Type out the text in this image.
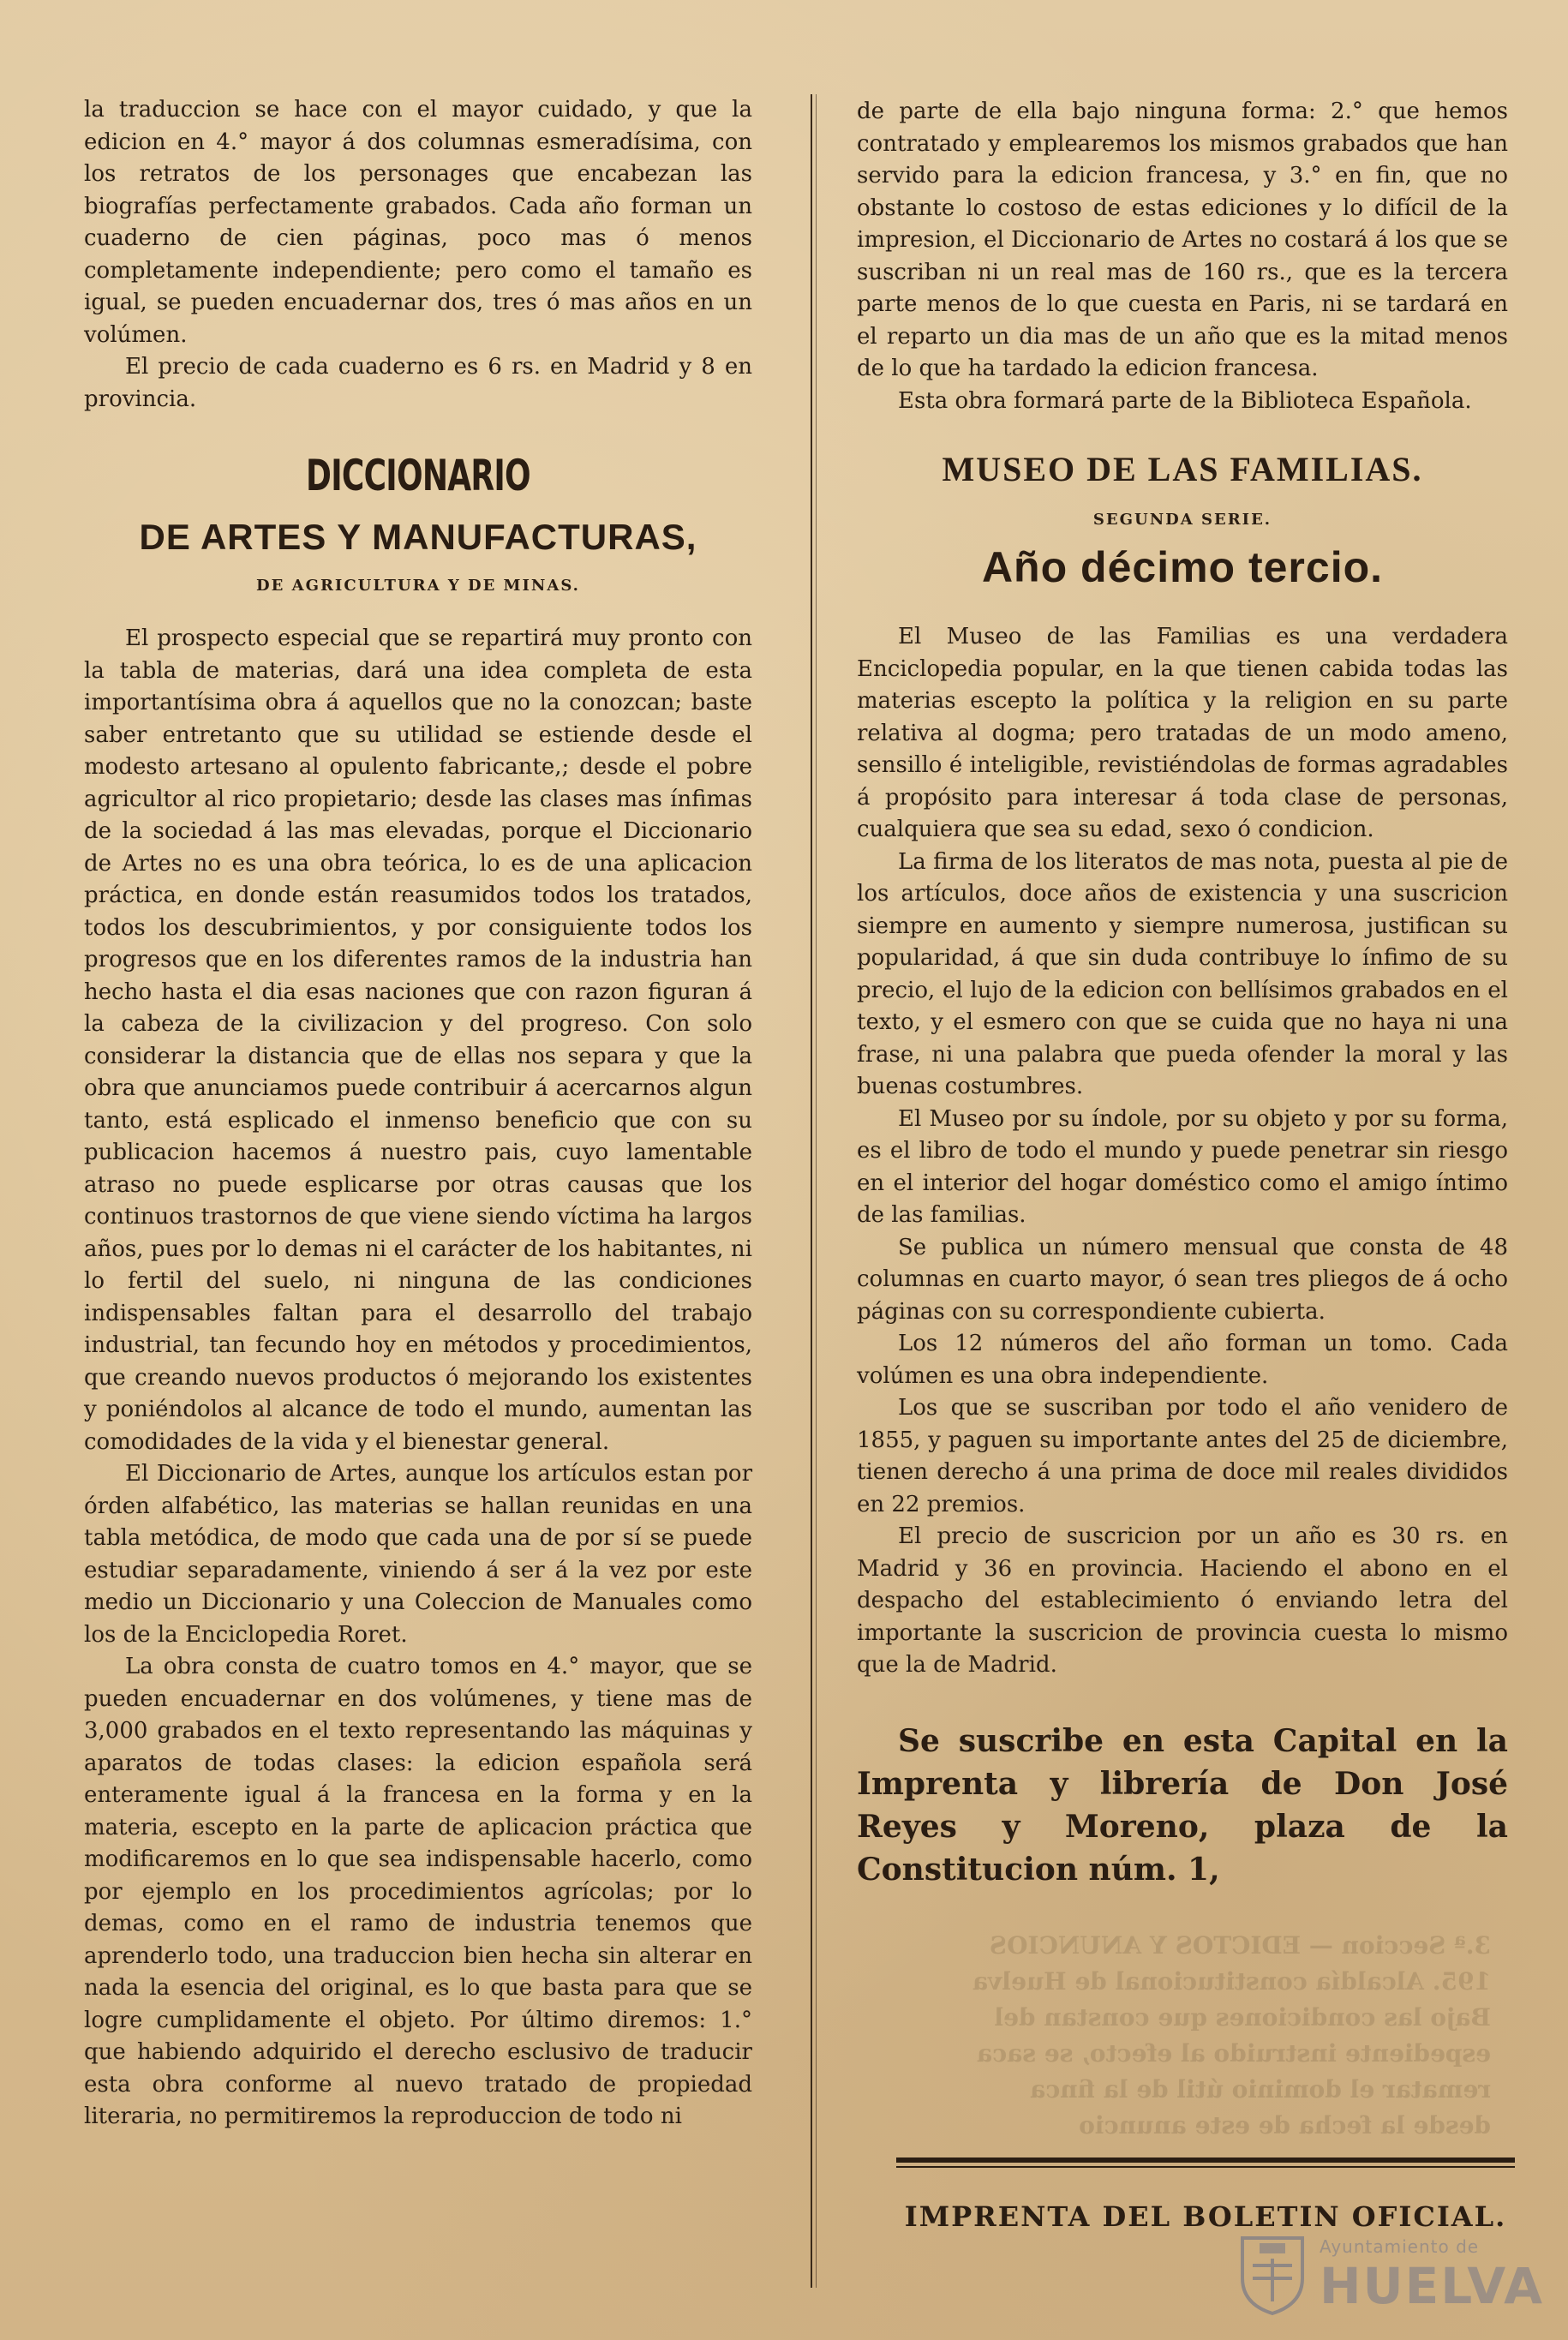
la traduccion se hace con el mayor cuidado, y que la edicion en 4.° mayor á dos columnas esmeradísima, con los retratos de los personages que encabezan las biografías perfectamente grabados. Cada año forman un cuaderno de cien páginas, poco mas ó menos completamente independiente; pero como el tamaño es igual, se pueden encuadernar dos, tres ó mas años en un volúmen.

El precio de cada cuaderno es 6 rs. en Madrid y 8 en provincia.

DICCIONARIO
DE ARTES Y MANUFACTURAS,
DE AGRICULTURA Y DE MINAS.

El prospecto especial que se repartirá muy pronto con la tabla de materias, dará una idea completa de esta importantísima obra á aquellos que no la conozcan; baste saber entretanto que su utilidad se estiende desde el modesto artesano al opulento fabricante,; desde el pobre agricultor al rico propietario; desde las clases mas ínfimas de la sociedad á las mas elevadas, porque el Diccionario de Artes no es una obra teórica, lo es de una aplicacion práctica, en donde están reasumidos todos los tratados, todos los descubrimientos, y por consiguiente todos los progresos que en los diferentes ramos de la industria han hecho hasta el dia esas naciones que con razon figuran á la cabeza de la civilizacion y del progreso. Con solo considerar la distancia que de ellas nos separa y que la obra que anunciamos puede contribuir á acercarnos algun tanto, está esplicado el inmenso beneficio que con su publicacion hacemos á nuestro pais, cuyo lamentable atraso no puede esplicarse por otras causas que los continuos trastornos de que viene siendo víctima ha largos años, pues por lo demas ni el carácter de los habitantes, ni lo fertil del suelo, ni ninguna de las condiciones indispensables faltan para el desarrollo del trabajo industrial, tan fecundo hoy en métodos y procedimientos, que creando nuevos productos ó mejorando los existentes y poniéndolos al alcance de todo el mundo, aumentan las comodidades de la vida y el bienestar general.

El Diccionario de Artes, aunque los artículos estan por órden alfabético, las materias se hallan reunidas en una tabla metódica, de modo que cada una de por sí se puede estudiar separadamente, viniendo á ser á la vez por este medio un Diccionario y una Coleccion de Manuales como los de la Enciclopedia Roret.

La obra consta de cuatro tomos en 4.° mayor, que se pueden encuadernar en dos volúmenes, y tiene mas de 3,000 grabados en el texto representando las máquinas y aparatos de todas clases: la edicion española será enteramente igual á la francesa en la forma y en la materia, escepto en la parte de aplicacion práctica que modificaremos en lo que sea indispensable hacerlo, como por ejemplo en los procedimientos agrícolas; por lo demas, como en el ramo de industria tenemos que aprenderlo todo, una traduccion bien hecha sin alterar en nada la esencia del original, es lo que basta para que se logre cumplidamente el objeto. Por último diremos: 1.° que habiendo adquirido el derecho esclusivo de traducir esta obra conforme al nuevo tratado de propiedad literaria, no permitiremos la reproduccion de todo ni

de parte de ella bajo ninguna forma: 2.° que hemos contratado y emplearemos los mismos grabados que han servido para la edicion francesa, y 3.° en fin, que no obstante lo costoso de estas ediciones y lo difícil de la impresion, el Diccionario de Artes no costará á los que se suscriban ni un real mas de 160 rs., que es la tercera parte menos de lo que cuesta en Paris, ni se tardará en el reparto un dia mas de un año que es la mitad menos de lo que ha tardado la edicion francesa.

Esta obra formará parte de la Biblioteca Española.

MUSEO DE LAS FAMILIAS.
SEGUNDA SERIE.
Año décimo tercio.

El Museo de las Familias es una verdadera Enciclopedia popular, en la que tienen cabida todas las materias escepto la política y la religion en su parte relativa al dogma; pero tratadas de un modo ameno, sensillo é inteligible, revistiéndolas de formas agradables á propósito para interesar á toda clase de personas, cualquiera que sea su edad, sexo ó condicion.

La firma de los literatos de mas nota, puesta al pie de los artículos, doce años de existencia y una suscricion siempre en aumento y siempre numerosa, justifican su popularidad, á que sin duda contribuye lo ínfimo de su precio, el lujo de la edicion con bellísimos grabados en el texto, y el esmero con que se cuida que no haya ni una frase, ni una palabra que pueda ofender la moral y las buenas costumbres.

El Museo por su índole, por su objeto y por su forma, es el libro de todo el mundo y puede penetrar sin riesgo en el interior del hogar doméstico como el amigo íntimo de las familias.

Se publica un número mensual que consta de 48 columnas en cuarto mayor, ó sean tres pliegos de á ocho páginas con su correspondiente cubierta.

Los 12 números del año forman un tomo. Cada volúmen es una obra independiente.

Los que se suscriban por todo el año venidero de 1855, y paguen su importante antes del 25 de diciembre, tienen derecho á una prima de doce mil reales divididos en 22 premios.

El precio de suscricion por un año es 30 rs. en Madrid y 36 en provincia. Haciendo el abono en el despacho del establecimiento ó enviando letra del importante la suscricion de provincia cuesta lo mismo que la de Madrid.

Se suscribe en esta Capital en la Imprenta y librería de Don José Reyes y Moreno, plaza de la Constitucion núm. 1,
3.ª Seccion — EDICTOS Y ANUNCIOS
195. Alcaldía constitucional de Huelva
Bajo las condiciones que constan del
espediente instruido al efecto, se saca
rematar el dominio útil de la finca
desde la fecha de este anuncio
IMPRENTA DEL BOLETIN OFICIAL.
Ayuntamiento de
HUELVA
